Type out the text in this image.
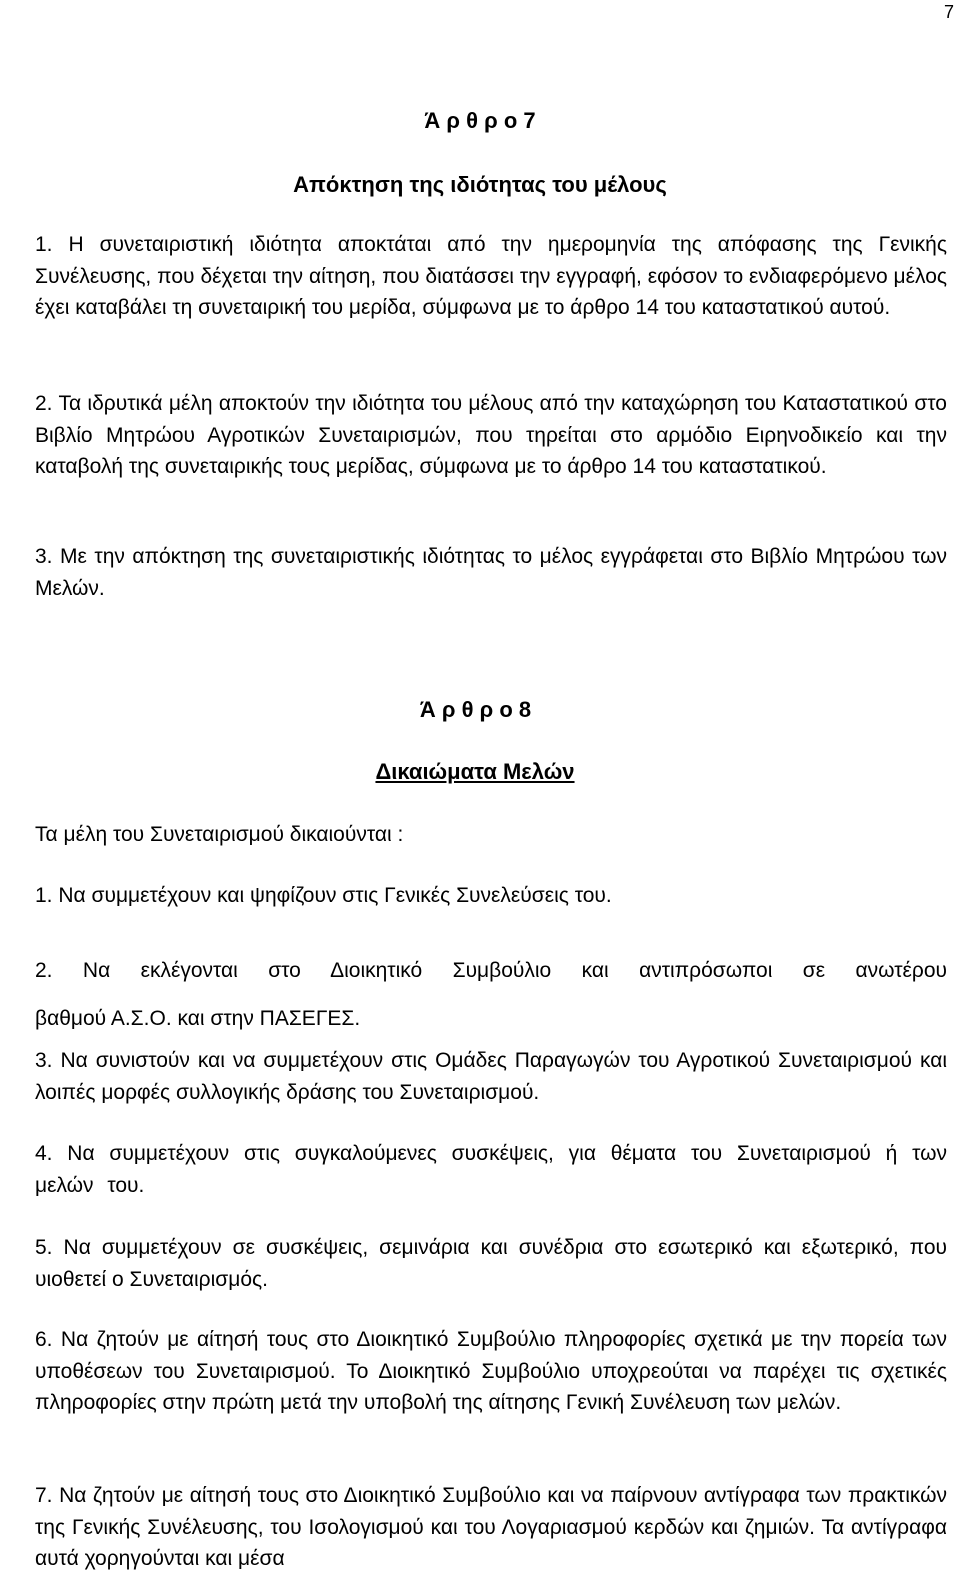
7
Ά ρ θ ρ ο 7
Απόκτηση της ιδιότητας του μέλους
1. Η συνεταιριστική ιδιότητα αποκτάται από την ημερομηνία της απόφασης της Γενικής Συνέλευσης, που δέχεται την αίτηση, που διατάσσει την εγγραφή, εφόσον το ενδιαφερόμενο μέλος έχει καταβάλει τη συνεταιρική του μερίδα, σύμφωνα με το άρθρο 14 του καταστατικού αυτού.
2. Τα ιδρυτικά μέλη αποκτούν την ιδιότητα του μέλους από την καταχώρηση του Καταστατικού στο Βιβλίο Μητρώου Αγροτικών Συνεταιρισμών, που τηρείται στο αρμόδιο Ειρηνοδικείο και την καταβολή της συνεταιρικής τους μερίδας, σύμφωνα με το άρθρο 14 του καταστατικού.
3. Με την απόκτηση της συνεταιριστικής ιδιότητας το μέλος εγγράφεται στο Βιβλίο Μητρώου των Μελών.
Ά ρ θ ρ ο 8
Δικαιώματα Μελών
Τα μέλη του Συνεταιρισμού δικαιούνται :
1. Να συμμετέχουν και ψηφίζουν στις Γενικές Συνελεύσεις του.
2. Να εκλέγονται στο Διοικητικό Συμβούλιο και αντιπρόσωποι σε ανωτέρου
βαθμού Α.Σ.Ο. και στην ΠΑΣΕΓΕΣ.
3. Να συνιστούν και να συμμετέχουν στις Ομάδες Παραγωγών του Αγροτικού Συνεταιρισμού και λοιπές μορφές συλλογικής δράσης του Συνεταιρισμού.
4. Να συμμετέχουν στις συγκαλούμενες συσκέψεις, για θέματα του Συνεταιρισμού ή των μελών του.
5. Να συμμετέχουν σε συσκέψεις, σεμινάρια και συνέδρια στο εσωτερικό και εξωτερικό, που υιοθετεί ο Συνεταιρισμός.
6. Να ζητούν με αίτησή τους στο Διοικητικό Συμβούλιο πληροφορίες σχετικά με την πορεία των υποθέσεων του Συνεταιρισμού. Το Διοικητικό Συμβούλιο υποχρεούται να παρέχει τις σχετικές πληροφορίες στην πρώτη μετά την υποβολή της αίτησης Γενική Συνέλευση των μελών.
7. Να ζητούν με αίτησή τους στο Διοικητικό Συμβούλιο και να παίρνουν αντίγραφα των πρακτικών της Γενικής Συνέλευσης, του Ισολογισμού και του Λογαριασμού κερδών και ζημιών. Τα αντίγραφα αυτά χορηγούνται και μέσα
